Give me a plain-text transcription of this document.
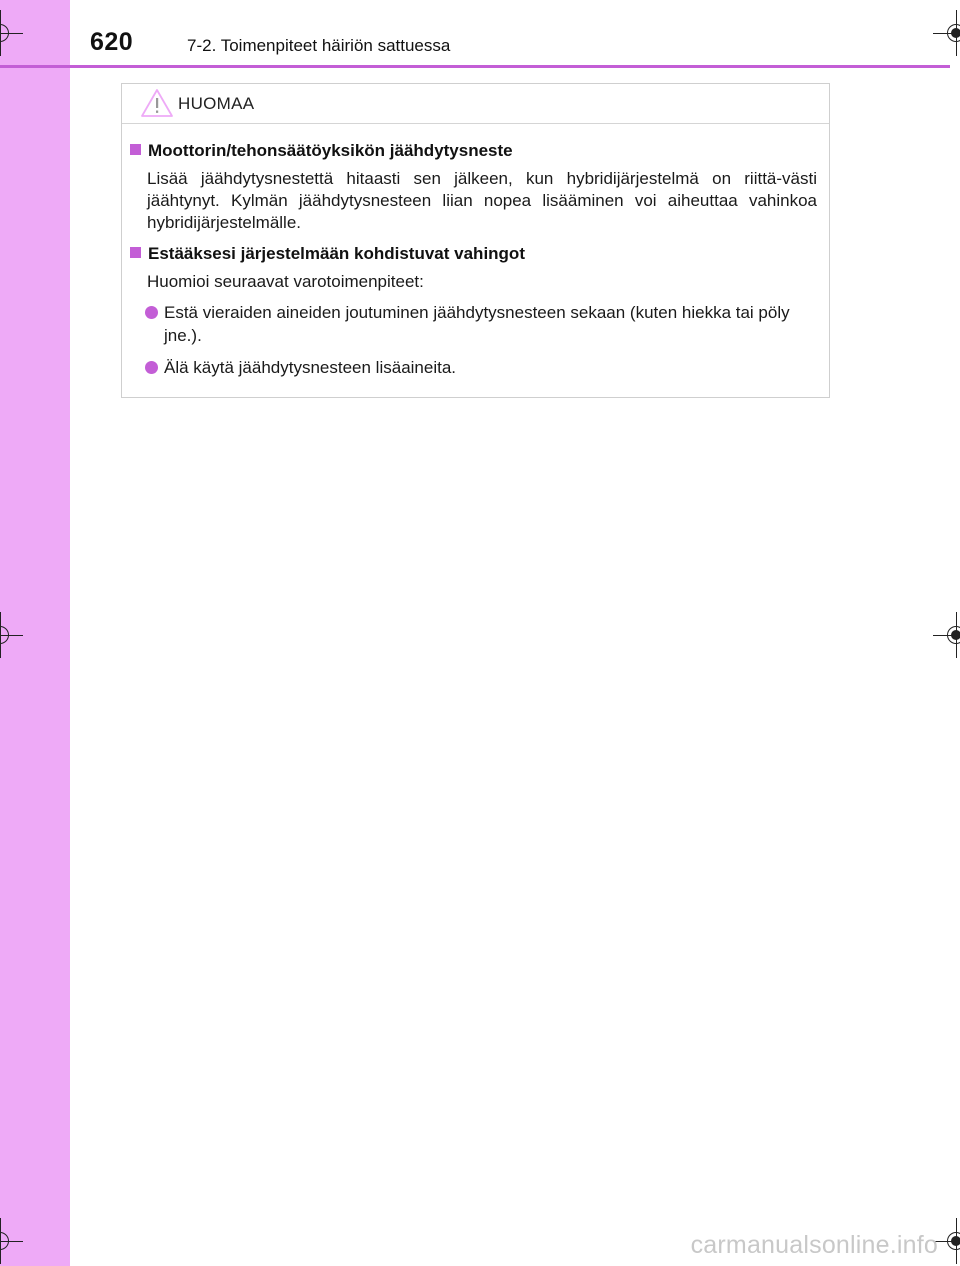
620	7-2. Toimenpiteet häiriön sattuessa
HUOMAA
Moottorin/tehonsäätöyksikön jäähdytysneste
Lisää jäähdytysnestettä hitaasti sen jälkeen, kun hybridijärjestelmä on riittä-västi jäähtynyt. Kylmän jäähdytysnesteen liian nopea lisääminen voi aiheuttaa vahinkoa hybridijärjestelmälle.
Estääksesi järjestelmään kohdistuvat vahingot
Huomioi seuraavat varotoimenpiteet:
Estä vieraiden aineiden joutuminen jäähdytysnesteen sekaan (kuten hiekka tai pöly jne.).
Älä käytä jäähdytysnesteen lisäaineita.
carmanualsonline.info
